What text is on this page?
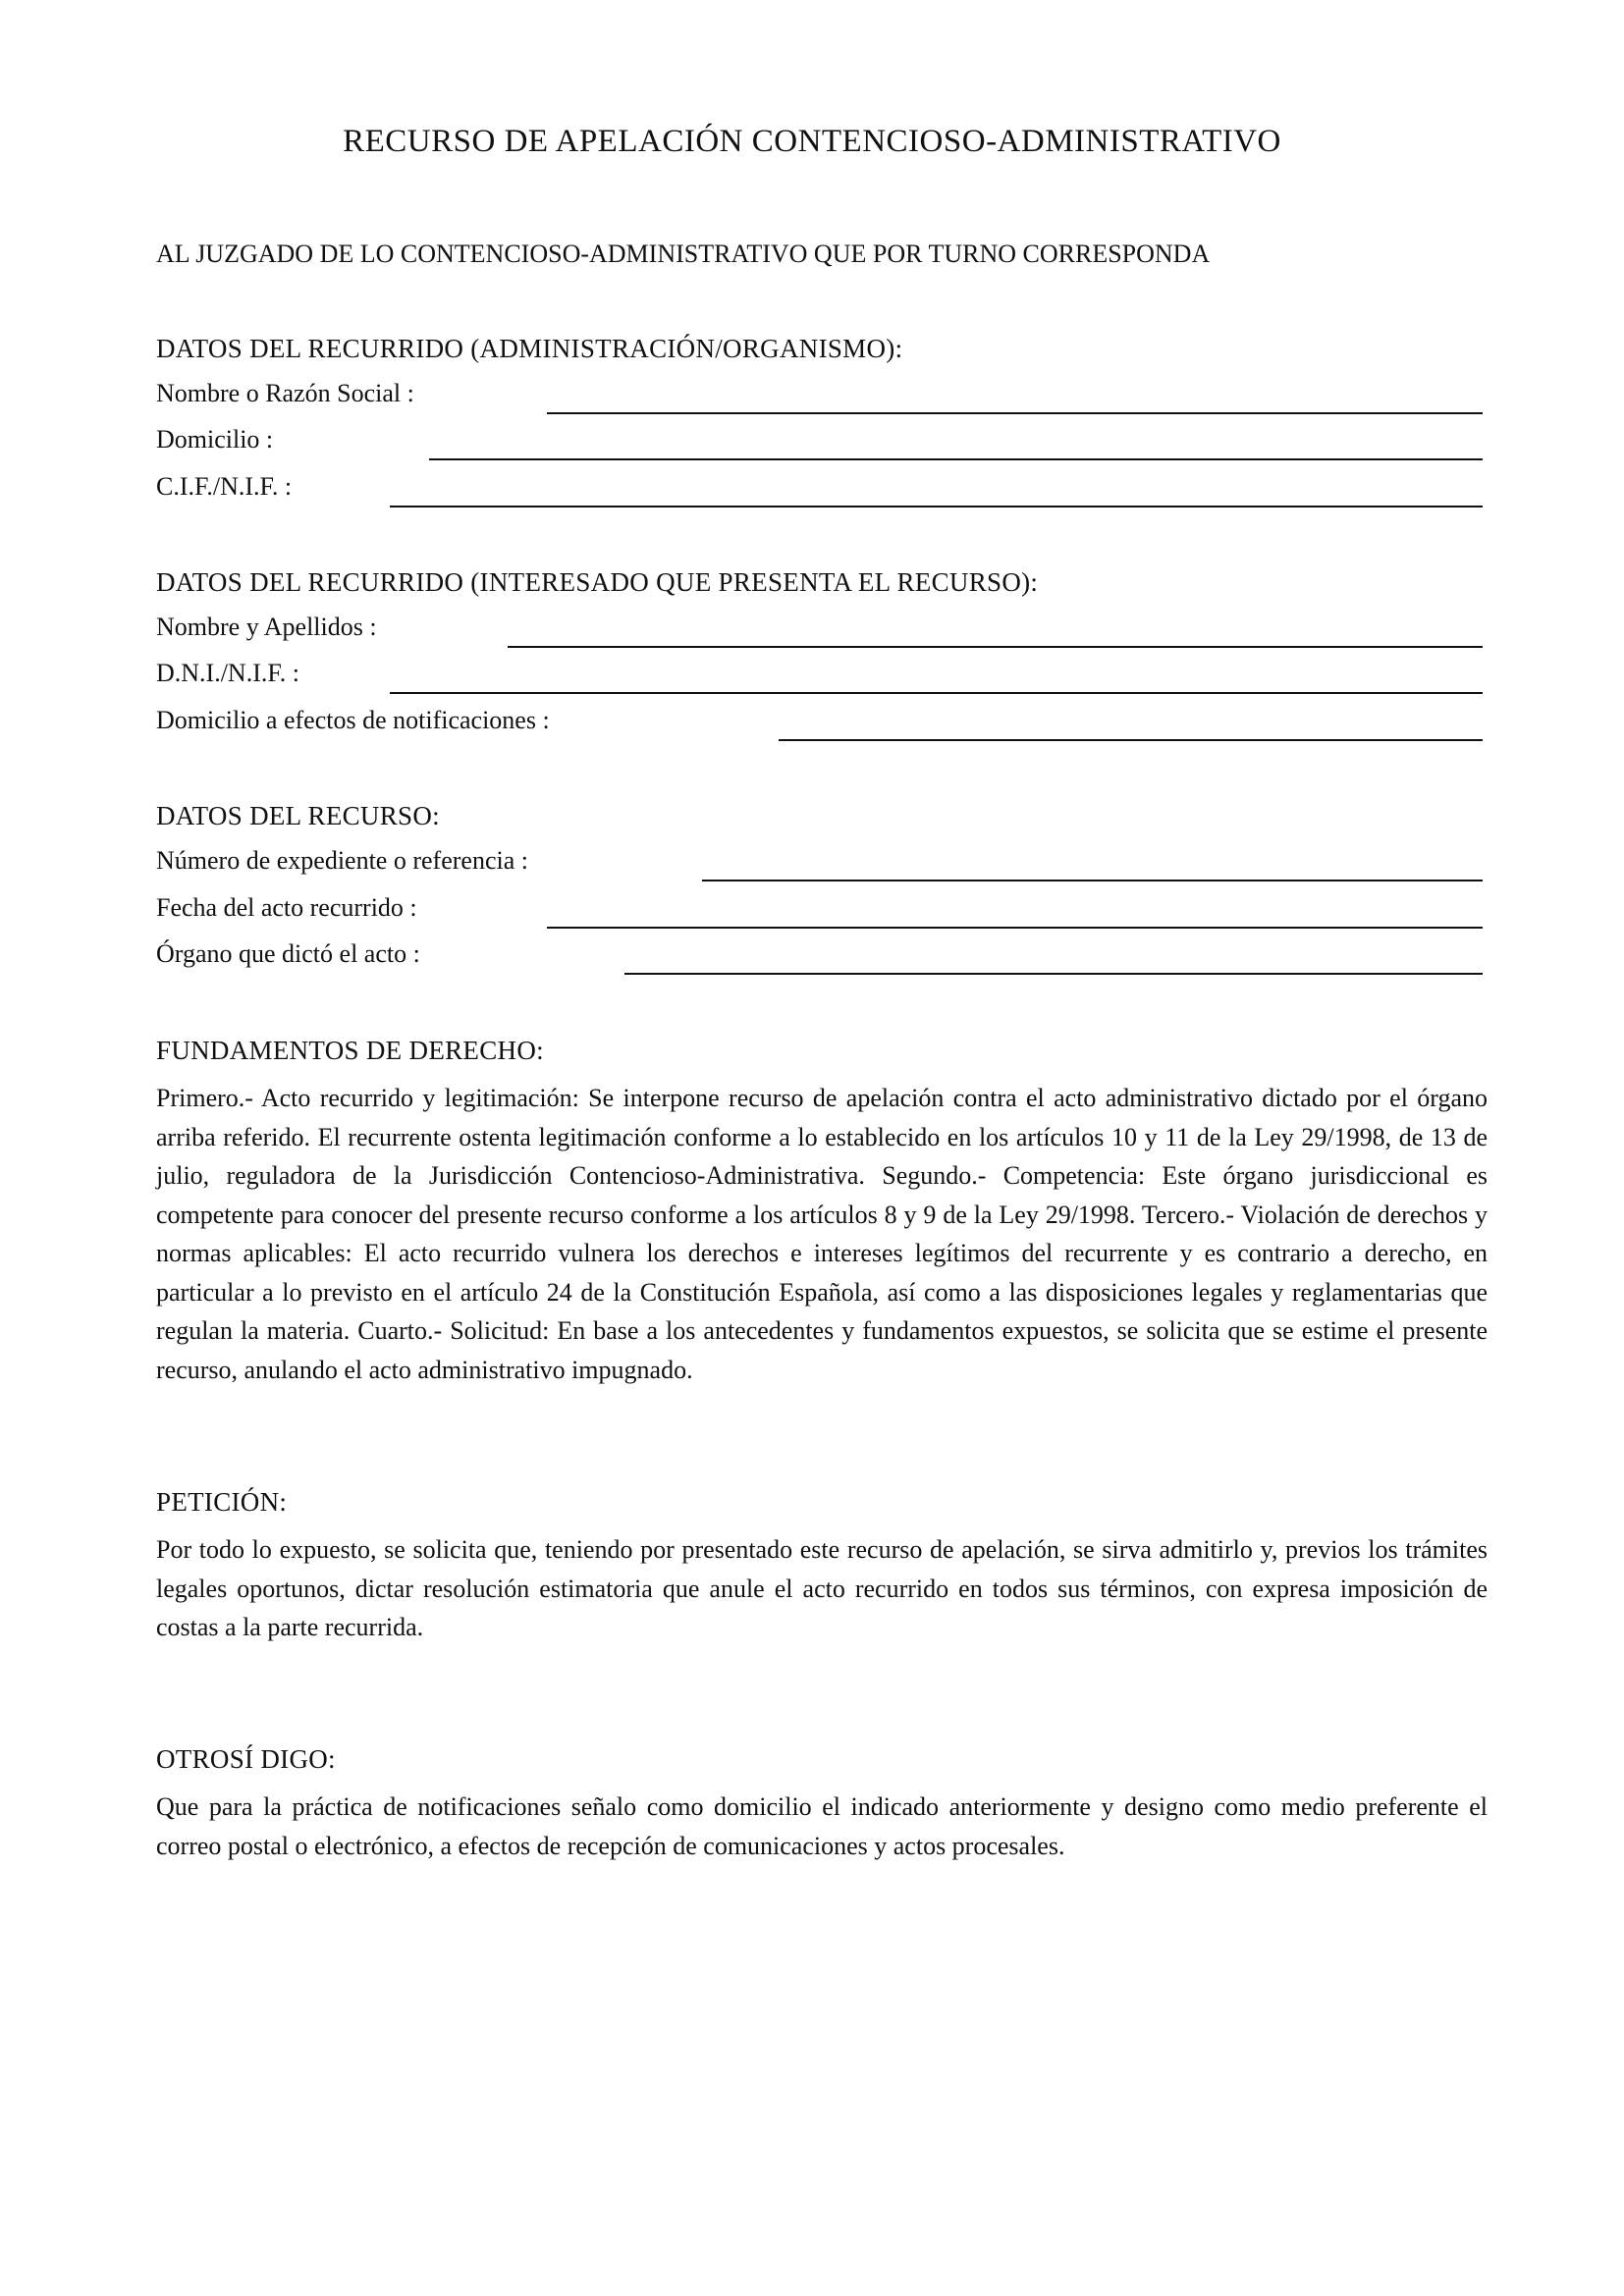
RECURSO DE APELACIÓN CONTENCIOSO-ADMINISTRATIVO
AL JUZGADO DE LO CONTENCIOSO-ADMINISTRATIVO QUE POR TURNO CORRESPONDA
DATOS DEL RECURRIDO (ADMINISTRACIÓN/ORGANISMO):
Nombre o Razón Social :
Domicilio :
C.I.F./N.I.F. :
DATOS DEL RECURRIDO (INTERESADO QUE PRESENTA EL RECURSO):
Nombre y Apellidos :
D.N.I./N.I.F. :
Domicilio a efectos de notificaciones :
DATOS DEL RECURSO:
Número de expediente o referencia :
Fecha del acto recurrido :
Órgano que dictó el acto :
FUNDAMENTOS DE DERECHO:

Primero.- Acto recurrido y legitimación: Se interpone recurso de apelación contra el acto administrativo dictado por el órgano arriba referido. El recurrente ostenta legitimación conforme a lo establecido en los artículos 10 y 11 de la Ley 29/1998, de 13 de julio, reguladora de la Jurisdicción Contencioso-Administrativa. Segundo.- Competencia: Este órgano jurisdiccional es competente para conocer del presente recurso conforme a los artículos 8 y 9 de la Ley 29/1998. Tercero.- Violación de derechos y normas aplicables: El acto recurrido vulnera los derechos e intereses legítimos del recurrente y es contrario a derecho, en particular a lo previsto en el artículo 24 de la Constitución Española, así como a las disposiciones legales y reglamentarias que regulan la materia. Cuarto.- Solicitud: En base a los antecedentes y fundamentos expuestos, se solicita que se estime el presente recurso, anulando el acto administrativo impugnado.

PETICIÓN:

Por todo lo expuesto, se solicita que, teniendo por presentado este recurso de apelación, se sirva admitirlo y, previos los trámites legales oportunos, dictar resolución estimatoria que anule el acto recurrido en todos sus términos, con expresa imposición de costas a la parte recurrida.

OTROSÍ DIGO:

Que para la práctica de notificaciones señalo como domicilio el indicado anteriormente y designo como medio preferente el correo postal o electrónico, a efectos de recepción de comunicaciones y actos procesales.
